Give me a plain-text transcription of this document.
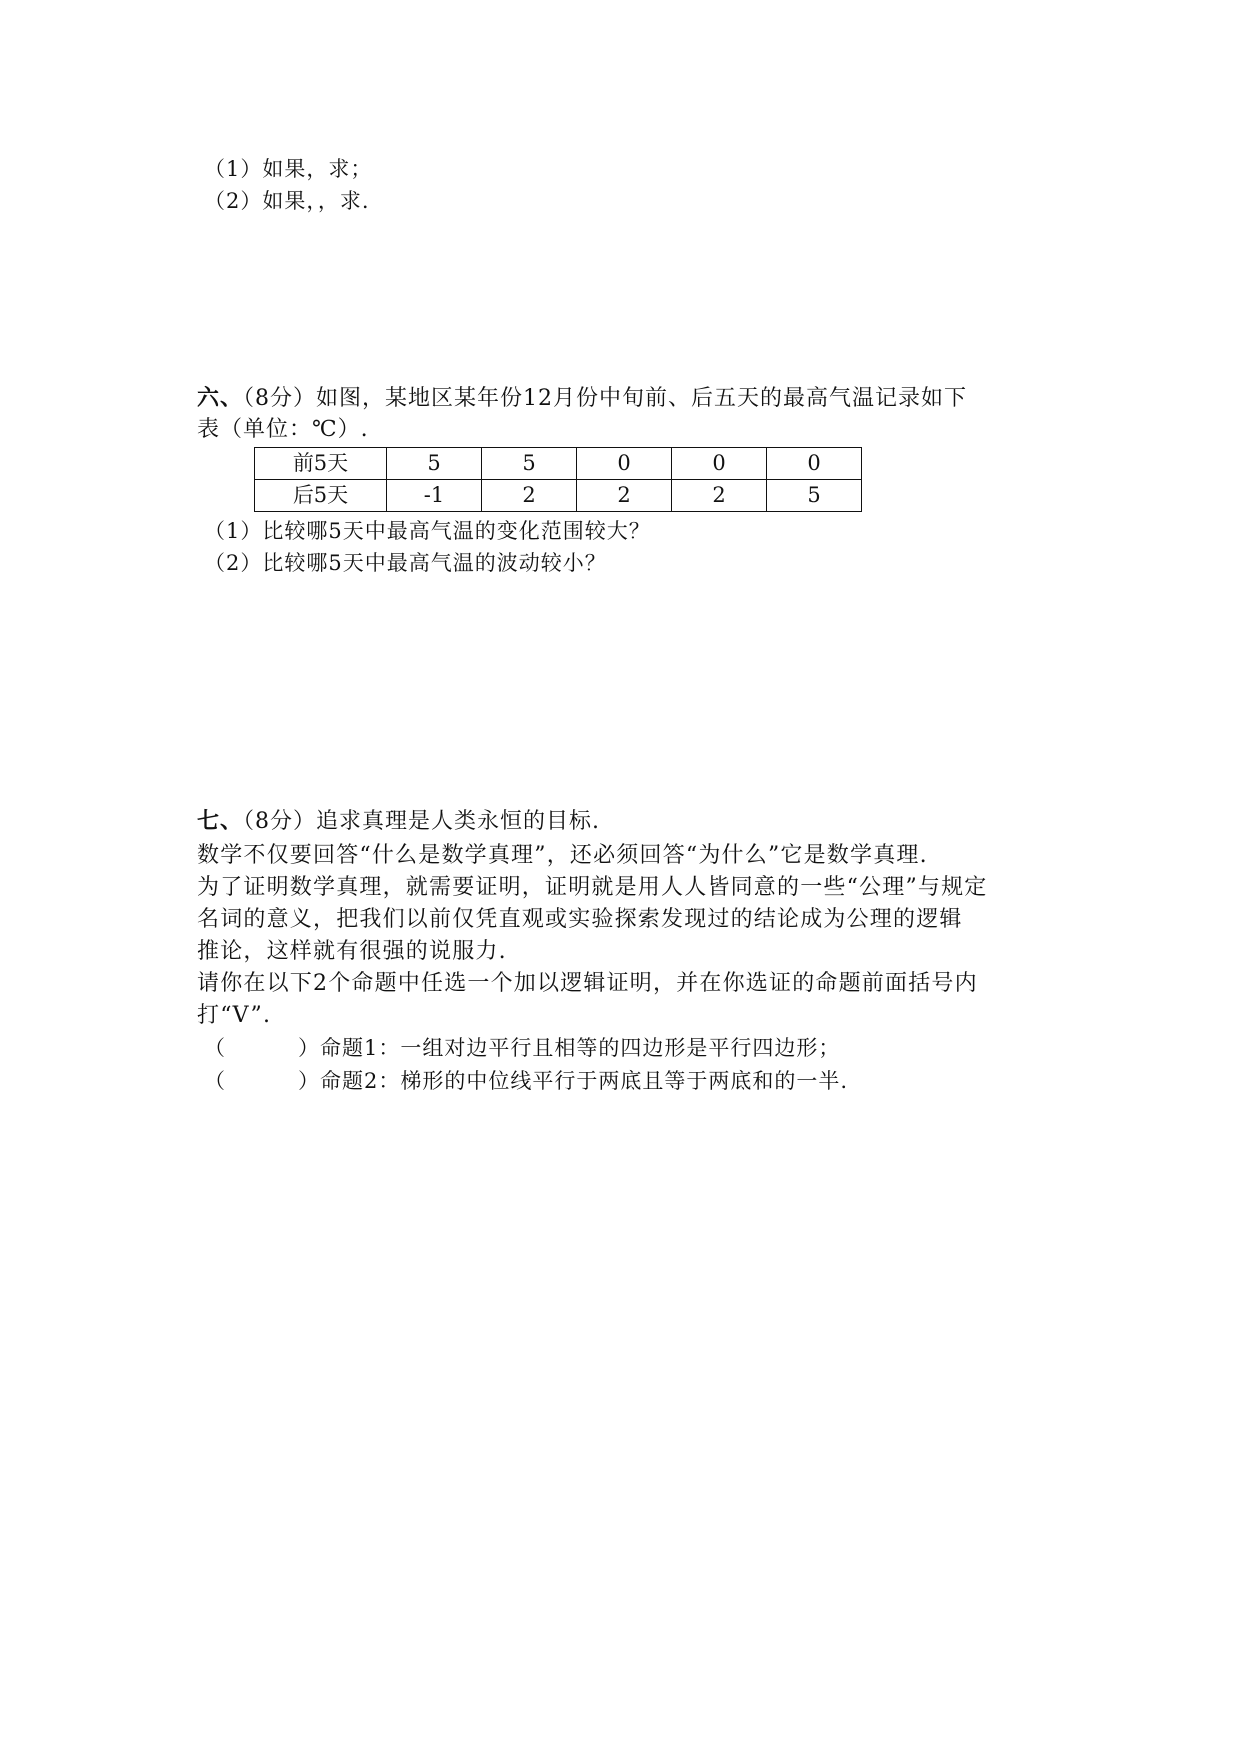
（1）如果，求；
（2）如果，，求.
六、（8分）如图，某地区某年份12月份中旬前、后五天的最高气温记录如下
表（单位：℃）.
前5天	5	5	0	0	0
后5天	-1	2	2	2	5
（1）比较哪5天中最高气温的变化范围较大？
（2）比较哪5天中最高气温的波动较小？
七、（8分）追求真理是人类永恒的目标.
数学不仅要回答“什么是数学真理”，还必须回答“为什么”它是数学真理.
为了证明数学真理，就需要证明，证明就是用人人皆同意的一些“公理”与规定
名词的意义，把我们以前仅凭直观或实验探索发现过的结论成为公理的逻辑
推论，这样就有很强的说服力.
请你在以下2个命题中任选一个加以逻辑证明，并在你选证的命题前面括号内
打“V”.
（	）命题1：一组对边平行且相等的四边形是平行四边形；
（	）命题2：梯形的中位线平行于两底且等于两底和的一半.
